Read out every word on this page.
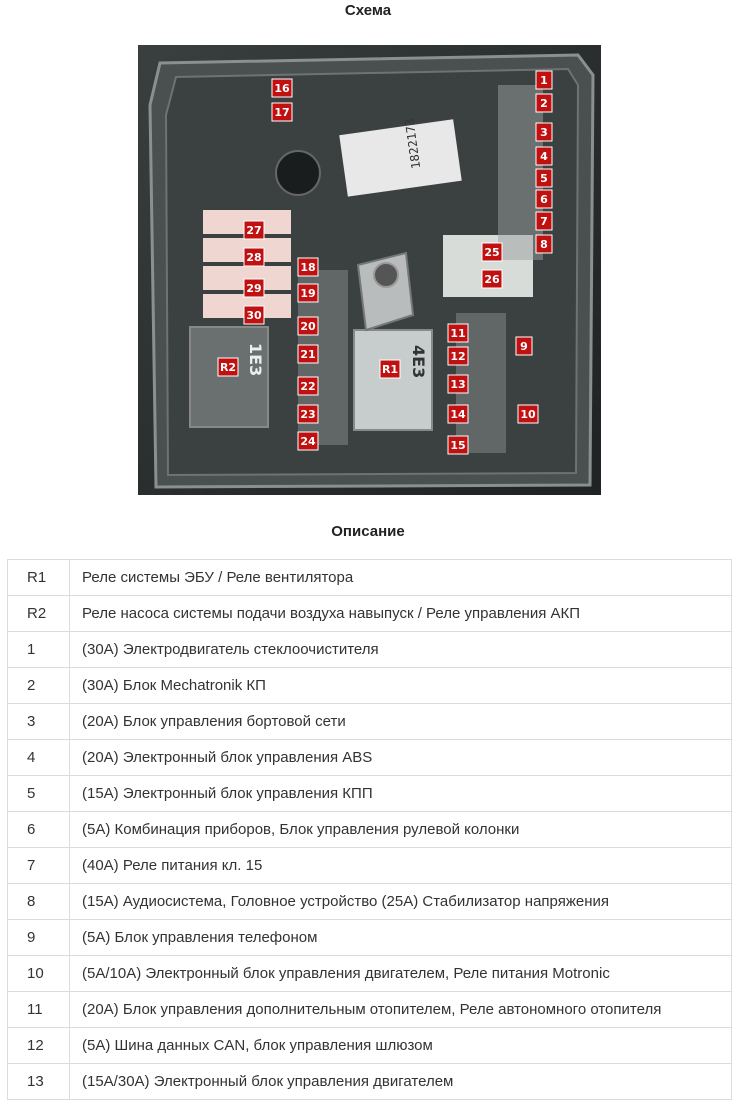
Схема
1822173
1
2
3
4
5
6
7
8
9
10
11
12
13
14
15
16
17
18
19
20
21
22
23
24
25
26
27
28
29
30
R1
R2	4E3
1E3
Описание
R1	Реле системы ЭБУ / Реле вентилятора
R2	Реле насоса системы подачи воздуха навыпуск / Реле управления АКП
1	(30A) Электродвигатель стеклоочистителя
2	(30A) Блок Mechatronik КП
3	(20A) Блок управления бортовой сети
4	(20A) Электронный блок управления ABS
5	(15A) Электронный блок управления КПП
6	(5A) Комбинация приборов, Блок управления рулевой колонки
7	(40A) Реле питания кл. 15
8	(15A) Аудиосистема, Головное устройство (25A) Стабилизатор напряжения
9	(5A) Блок управления телефоном
10	(5A/10A) Электронный блок управления двигателем, Реле питания Motronic
11	(20A) Блок управления дополнительным отопителем, Реле автономного отопителя
12	(5A) Шина данных CAN, блок управления шлюзом
13	(15A/30A) Электронный блок управления двигателем
